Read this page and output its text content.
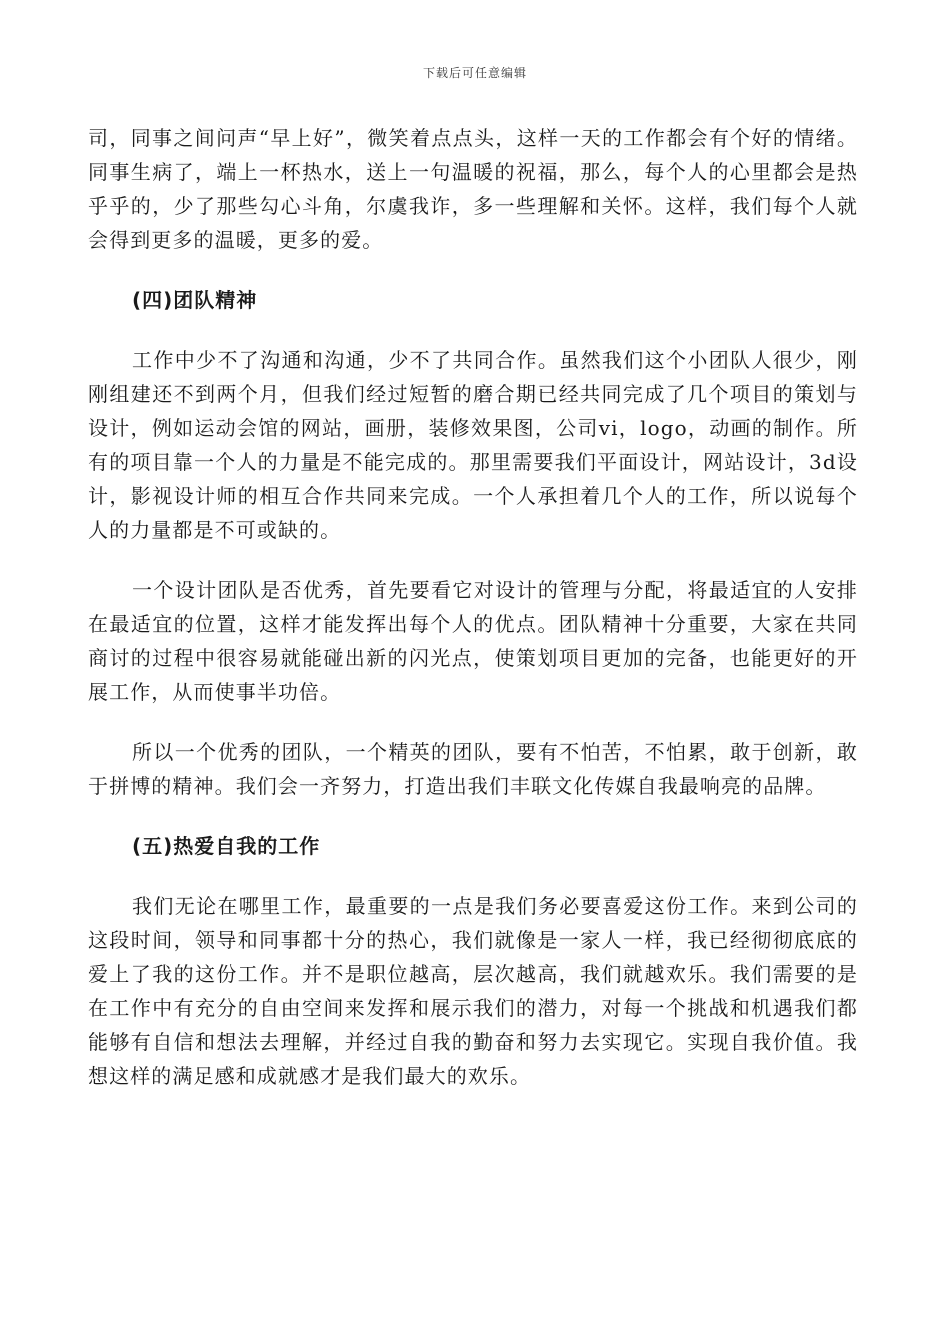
下载后可任意编辑

司，同事之间问声“早上好”，微笑着点点头，这样一天的工作都会有个好的情绪。同事生病了，端上一杯热水，送上一句温暖的祝福，那么，每个人的心里都会是热乎乎的，少了那些勾心斗角，尔虞我诈，多一些理解和关怀。这样，我们每个人就会得到更多的温暖，更多的爱。

(四)团队精神

工作中少不了沟通和沟通，少不了共同合作。虽然我们这个小团队人很少，刚刚组建还不到两个月，但我们经过短暂的磨合期已经共同完成了几个项目的策划与设计，例如运动会馆的网站，画册，装修效果图，公司vi，logo，动画的制作。所有的项目靠一个人的力量是不能完成的。那里需要我们平面设计，网站设计，3d设计，影视设计师的相互合作共同来完成。一个人承担着几个人的工作，所以说每个人的力量都是不可或缺的。

一个设计团队是否优秀，首先要看它对设计的管理与分配，将最适宜的人安排在最适宜的位置，这样才能发挥出每个人的优点。团队精神十分重要，大家在共同商讨的过程中很容易就能碰出新的闪光点，使策划项目更加的完备，也能更好的开展工作，从而使事半功倍。

所以一个优秀的团队，一个精英的团队，要有不怕苦，不怕累，敢于创新，敢于拼博的精神。我们会一齐努力，打造出我们丰联文化传媒自我最响亮的品牌。

(五)热爱自我的工作

我们无论在哪里工作，最重要的一点是我们务必要喜爱这份工作。来到公司的这段时间，领导和同事都十分的热心，我们就像是一家人一样，我已经彻彻底底的爱上了我的这份工作。并不是职位越高，层次越高，我们就越欢乐。我们需要的是在工作中有充分的自由空间来发挥和展示我们的潜力，对每一个挑战和机遇我们都能够有自信和想法去理解，并经过自我的勤奋和努力去实现它。实现自我价值。我想这样的满足感和成就感才是我们最大的欢乐。
